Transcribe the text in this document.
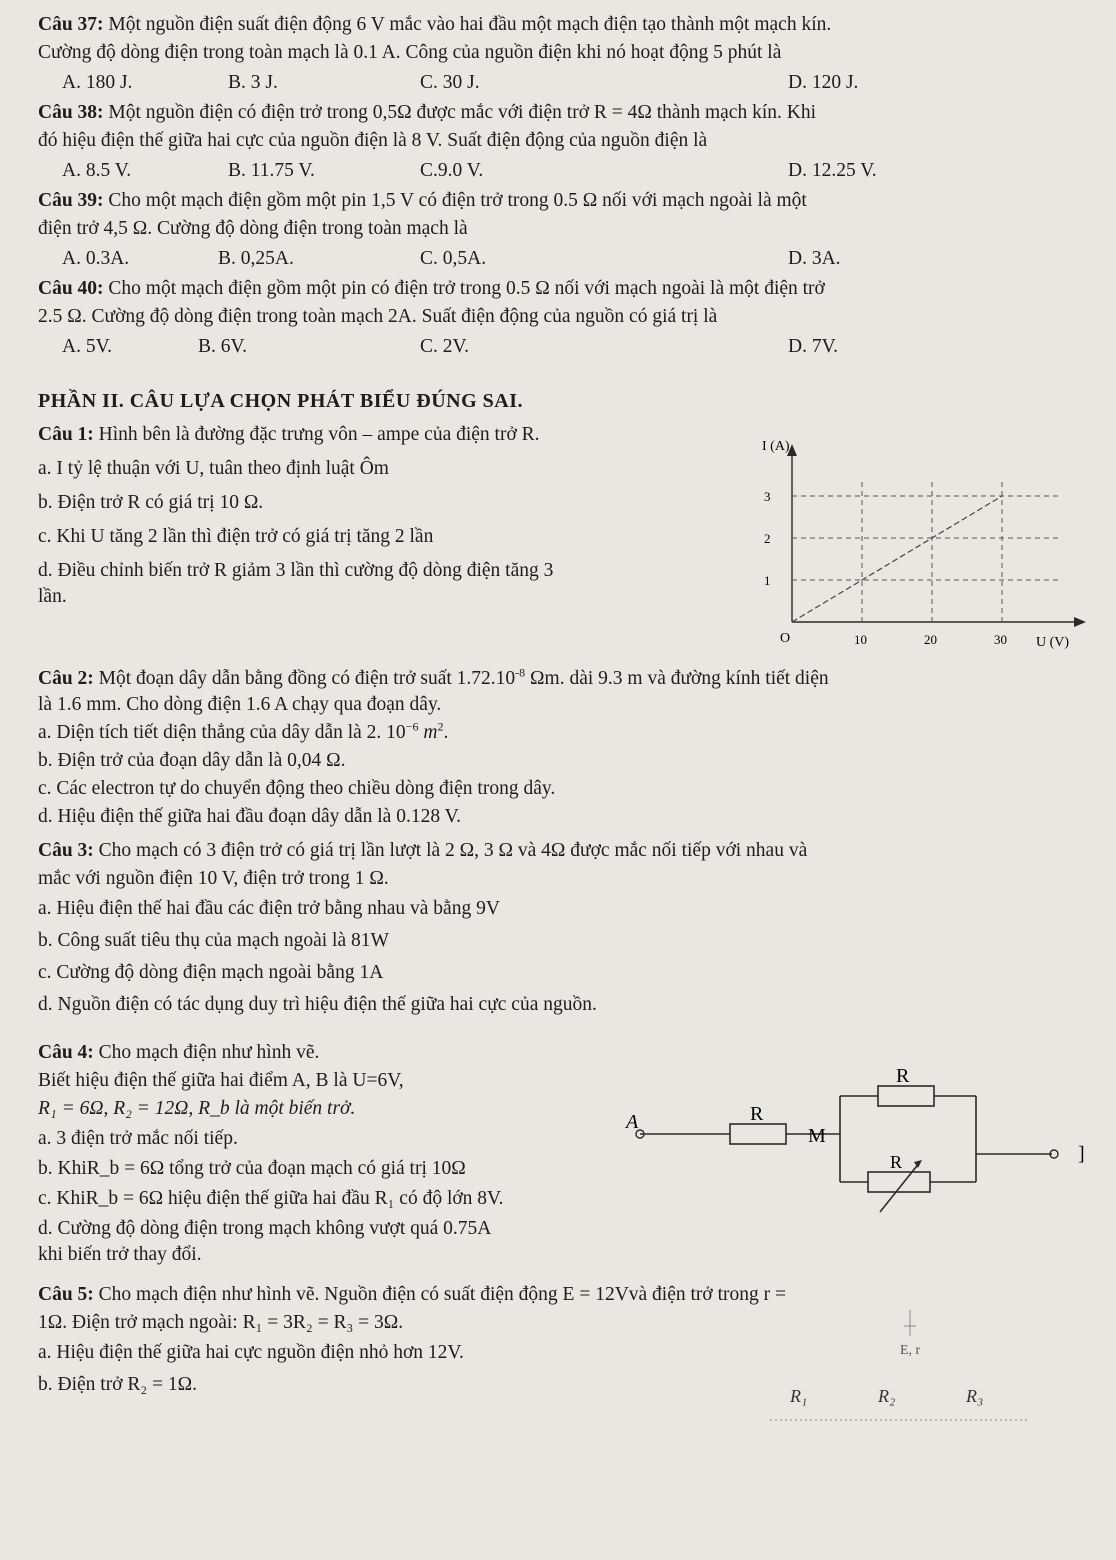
Câu 37: Một nguồn điện suất điện động 6 V mắc vào hai đầu một mạch điện tạo thành một mạch kín.
Cường độ dòng điện trong toàn mạch là 0.1 A. Công của nguồn điện khi nó hoạt động 5 phút là
A. 180 J.	B. 3 J.	C. 30 J.	D. 120 J.
Câu 38: Một nguồn điện có điện trở trong 0,5Ω được mắc với điện trở R = 4Ω thành mạch kín. Khi
đó hiệu điện thế giữa hai cực của nguồn điện là 8 V. Suất điện động của nguồn điện là
A. 8.5 V.	B. 11.75 V.	C.9.0 V.	D. 12.25 V.
Câu 39: Cho một mạch điện gồm một pin 1,5 V có điện trở trong 0.5 Ω nối với mạch ngoài là một
điện trở 4,5 Ω. Cường độ dòng điện trong toàn mạch là
A. 0.3A.	B. 0,25A.	C. 0,5A.	D. 3A.
Câu 40: Cho một mạch điện gồm một pin có điện trở trong 0.5 Ω nối với mạch ngoài là một điện trở
2.5 Ω. Cường độ dòng điện trong toàn mạch 2A. Suất điện động của nguồn có giá trị là
A. 5V.	B. 6V.	C. 2V.	D. 7V.
PHẦN II. CÂU LỰA CHỌN PHÁT BIỂU ĐÚNG SAI.
Câu 1: Hình bên là đường đặc trưng vôn – ampe của điện trở R.
a. I tỷ lệ thuận với U, tuân theo định luật Ôm
b. Điện trở R có giá trị 10 Ω.
c. Khi U tăng 2 lần thì điện trở có giá trị tăng 2 lần
d. Điều chỉnh biến trở R giảm 3 lần thì cường độ dòng điện tăng 3
lần.
I (A)
U (V)
O	10	20	30
1
2
3
Câu 2: Một đoạn dây dẫn bằng đồng có điện trở suất $1.72.10^{-8}$ Ωm. dài 9.3 m và đường kính tiết diện
là 1.6 mm. Cho dòng điện 1.6 A chạy qua đoạn dây.
a. Diện tích tiết diện thẳng của dây dẫn là 2. $10^{-6}$ $m^2$.
b. Điện trở của đoạn dây dẫn là 0,04 Ω.
c. Các electron tự do chuyển động theo chiều dòng điện trong dây.
d. Hiệu điện thế giữa hai đầu đoạn dây dẫn là 0.128 V.
Câu 3: Cho mạch có 3 điện trở có giá trị lần lượt là 2 Ω, 3 Ω và 4Ω được mắc nối tiếp với nhau và
mắc với nguồn điện 10 V, điện trở trong 1 Ω.
a. Hiệu điện thế hai đầu các điện trở bằng nhau và bằng 9V
b. Công suất tiêu thụ của mạch ngoài là 81W
c. Cường độ dòng điện mạch ngoài bằng 1A
d. Nguồn điện có tác dụng duy trì hiệu điện thế giữa hai cực của nguồn.
Câu 4: Cho mạch điện như hình vẽ.
Biết hiệu điện thế giữa hai điểm A, B là U=6V,
R₁ = 6Ω, R₂ = 12Ω, R_b là một biến trở.
a. 3 điện trở mắc nối tiếp.
b. KhiR_b = 6Ω tổng trở của đoạn mạch có giá trị 10Ω
c. KhiR_b = 6Ω hiệu điện thế giữa hai đầu R₁ có độ lớn 8V.
d. Cường độ dòng điện trong mạch không vượt quá 0.75A
khi biến trở thay đổi.
A	R
M
R
R	]
Câu 5: Cho mạch điện như hình vẽ. Nguồn điện có suất điện động E = 12Vvà điện trở trong r =
1Ω. Điện trở mạch ngoài: R₁ = 3R₂ = R₃ = 3Ω.
a. Hiệu điện thế giữa hai cực nguồn điện nhỏ hơn 12V.
b. Điện trở R₂ = 1Ω.
E, r
R₁	R₂	R₃
